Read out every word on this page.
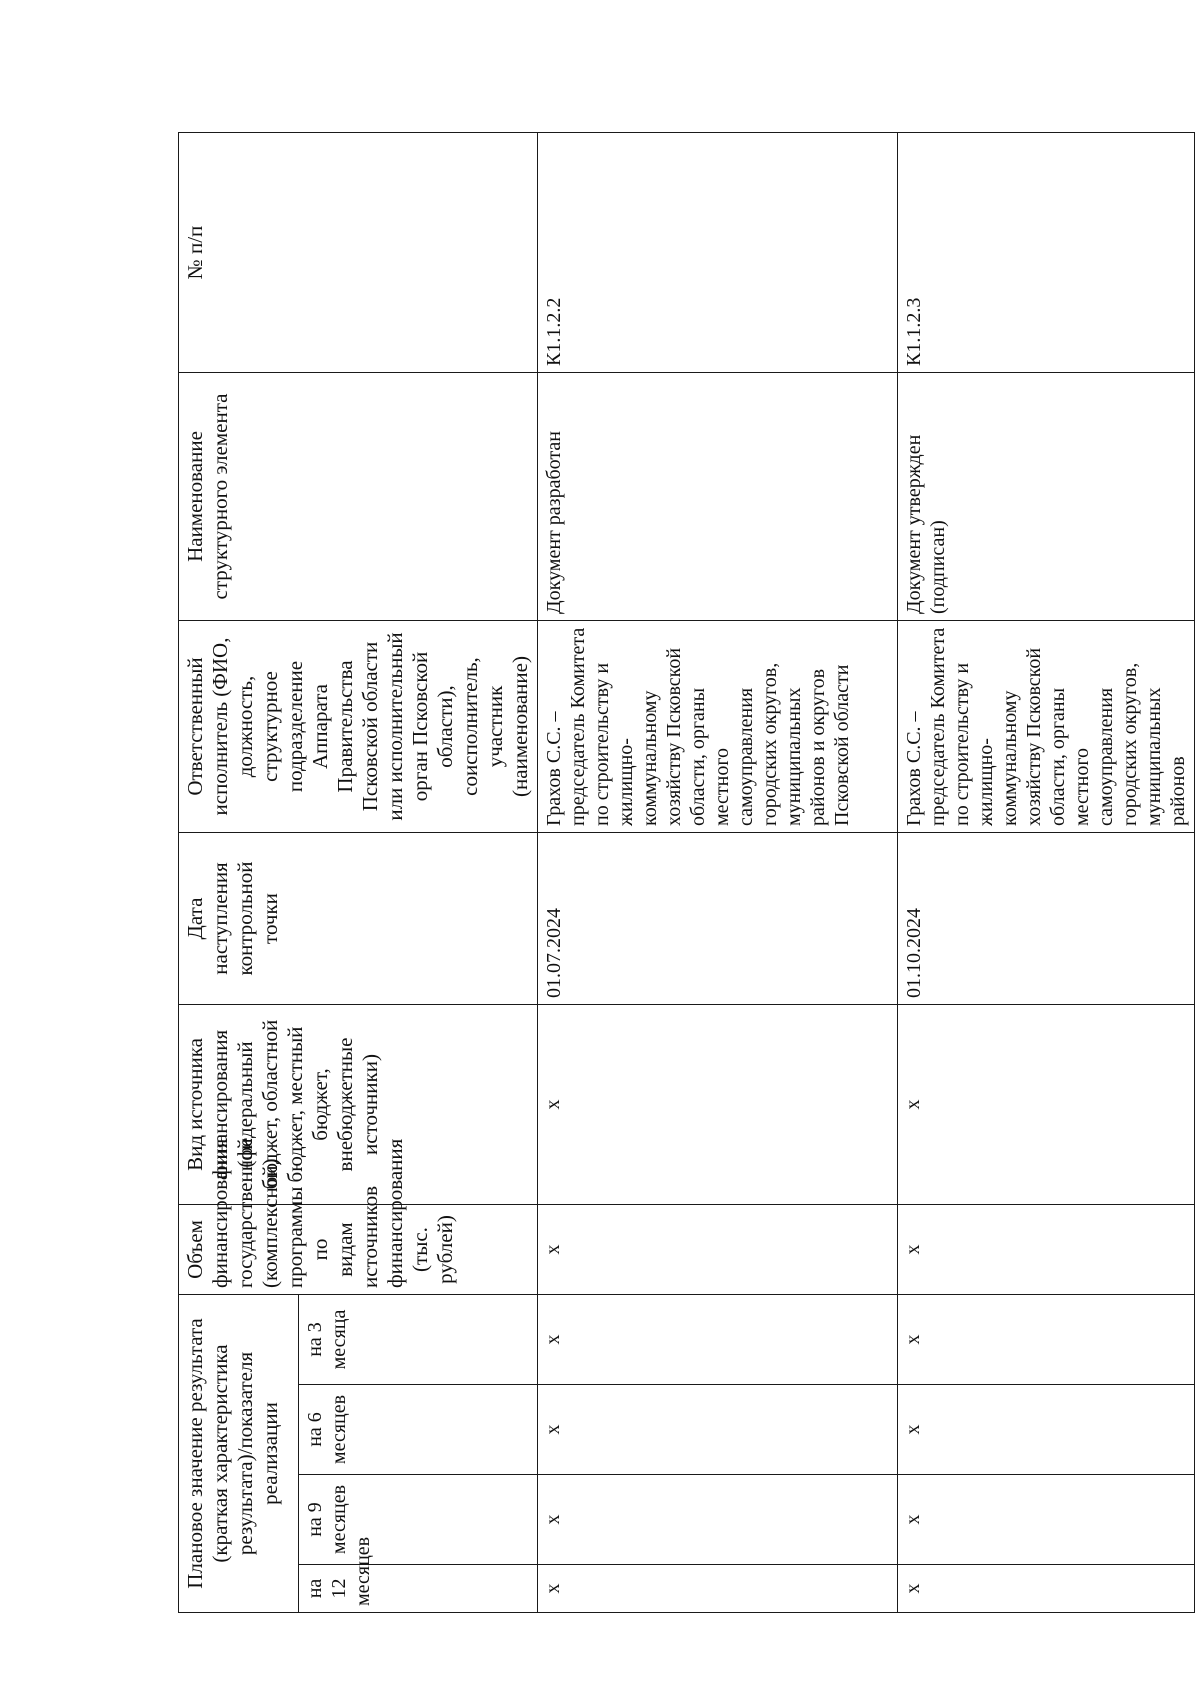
Плановое значение результата (краткая характеристика результата)/показателя реализации				Объем финансирования государственной (комплексной) программы по видам источников финансирования (тыс. рублей)	Вид источника финансирования (федеральный бюджет, областной бюджет, местный бюджет, внебюджетные источники)	Дата наступления контрольной точки	Ответственный исполнитель (ФИО, должность, структурное подразделение Аппарата Правительства Псковской области или исполнительный орган Псковской области), соисполнитель, участник (наименование)	Наименование структурного элемента	№ п/п
на 12 месяцев	на 9 месяцев	на 6 месяцев	на 3 месяца						
x	x	x	x	x	x	01.07.2024	Грахов С.С. – председатель Комитета по строительству и жилищно-коммунальному хозяйству Псковской области, органы местного самоуправления городских округов, муниципальных районов и округов Псковской области	Документ разработан	К1.1.2.2
x	x	x	x	x	x	01.10.2024	Грахов С.С. – председатель Комитета по строительству и жилищно-коммунальному хозяйству Псковской области, органы местного самоуправления городских округов, муниципальных районов	Документ утвержден (подписан)	К1.1.2.3
